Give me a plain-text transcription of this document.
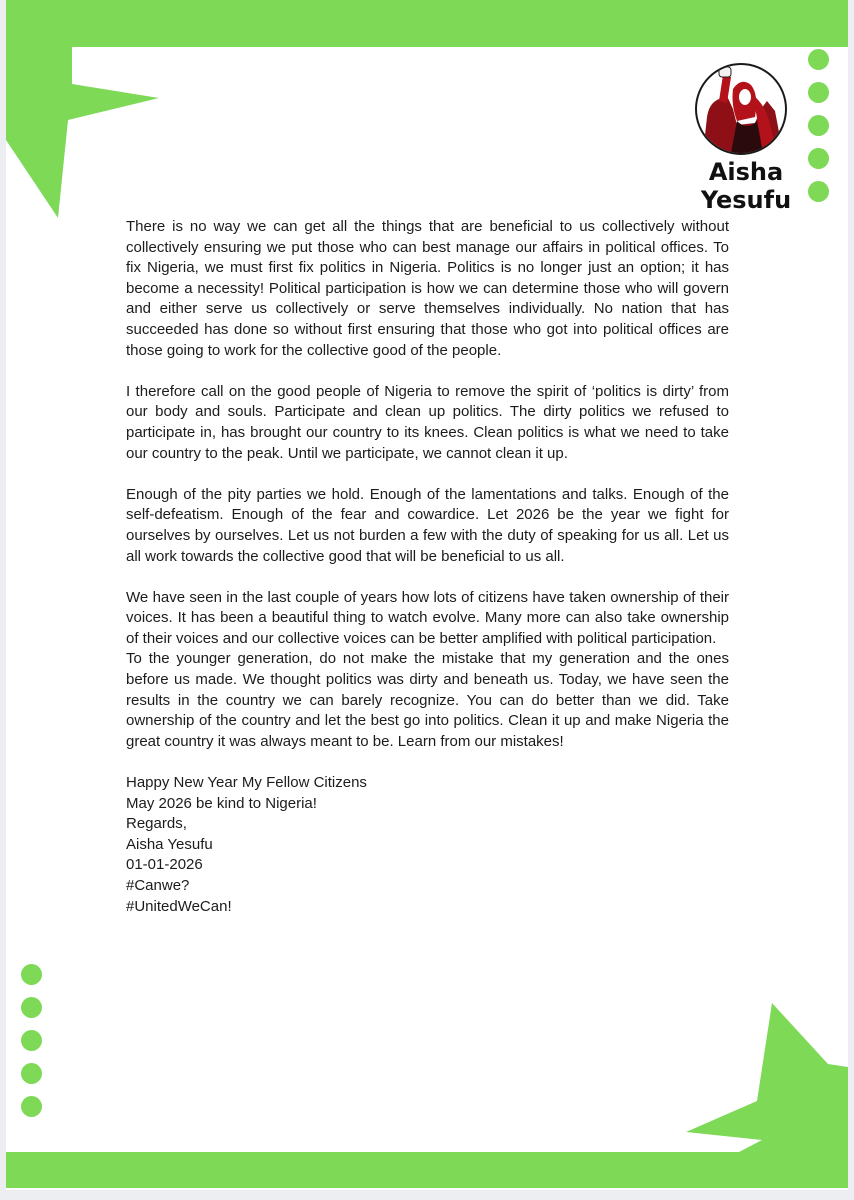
Aisha
Yesufu

There is no way we can get all the things that are beneficial to us collectively without collectively ensuring we put those who can best manage our affairs in political offices. To fix Nigeria, we must first fix politics in Nigeria. Politics is no longer just an option; it has become a necessity! Political participation is how we can determine those who will govern and either serve us collectively or serve themselves individually. No nation that has succeeded has done so without first ensuring that those who got into political offices are those going to work for the collective good of the people.

I therefore call on the good people of Nigeria to remove the spirit of ‘politics is dirty’ from our body and souls. Participate and clean up politics. The dirty politics we refused to participate in, has brought our country to its knees. Clean politics is what we need to take our country to the peak. Until we participate, we cannot clean it up.

Enough of the pity parties we hold. Enough of the lamentations and talks. Enough of the self-defeatism. Enough of the fear and cowardice. Let 2026 be the year we fight for ourselves by ourselves. Let us not burden a few with the duty of speaking for us all. Let us all work towards the collective good that will be beneficial to us all.

We have seen in the last couple of years how lots of citizens have taken ownership of their voices. It has been a beautiful thing to watch evolve. Many more can also take ownership of their voices and our collective voices can be better amplified with political participation.

To the younger generation, do not make the mistake that my generation and the ones before us made. We thought politics was dirty and beneath us. Today, we have seen the results in the country we can barely recognize. You can do better than we did. Take ownership of the country and let the best go into politics. Clean it up and make Nigeria the great country it was always meant to be. Learn from our mistakes!

Happy New Year My Fellow Citizens
May 2026 be kind to Nigeria!
Regards,
Aisha Yesufu
01-01-2026
#Canwe?
#UnitedWeCan!
